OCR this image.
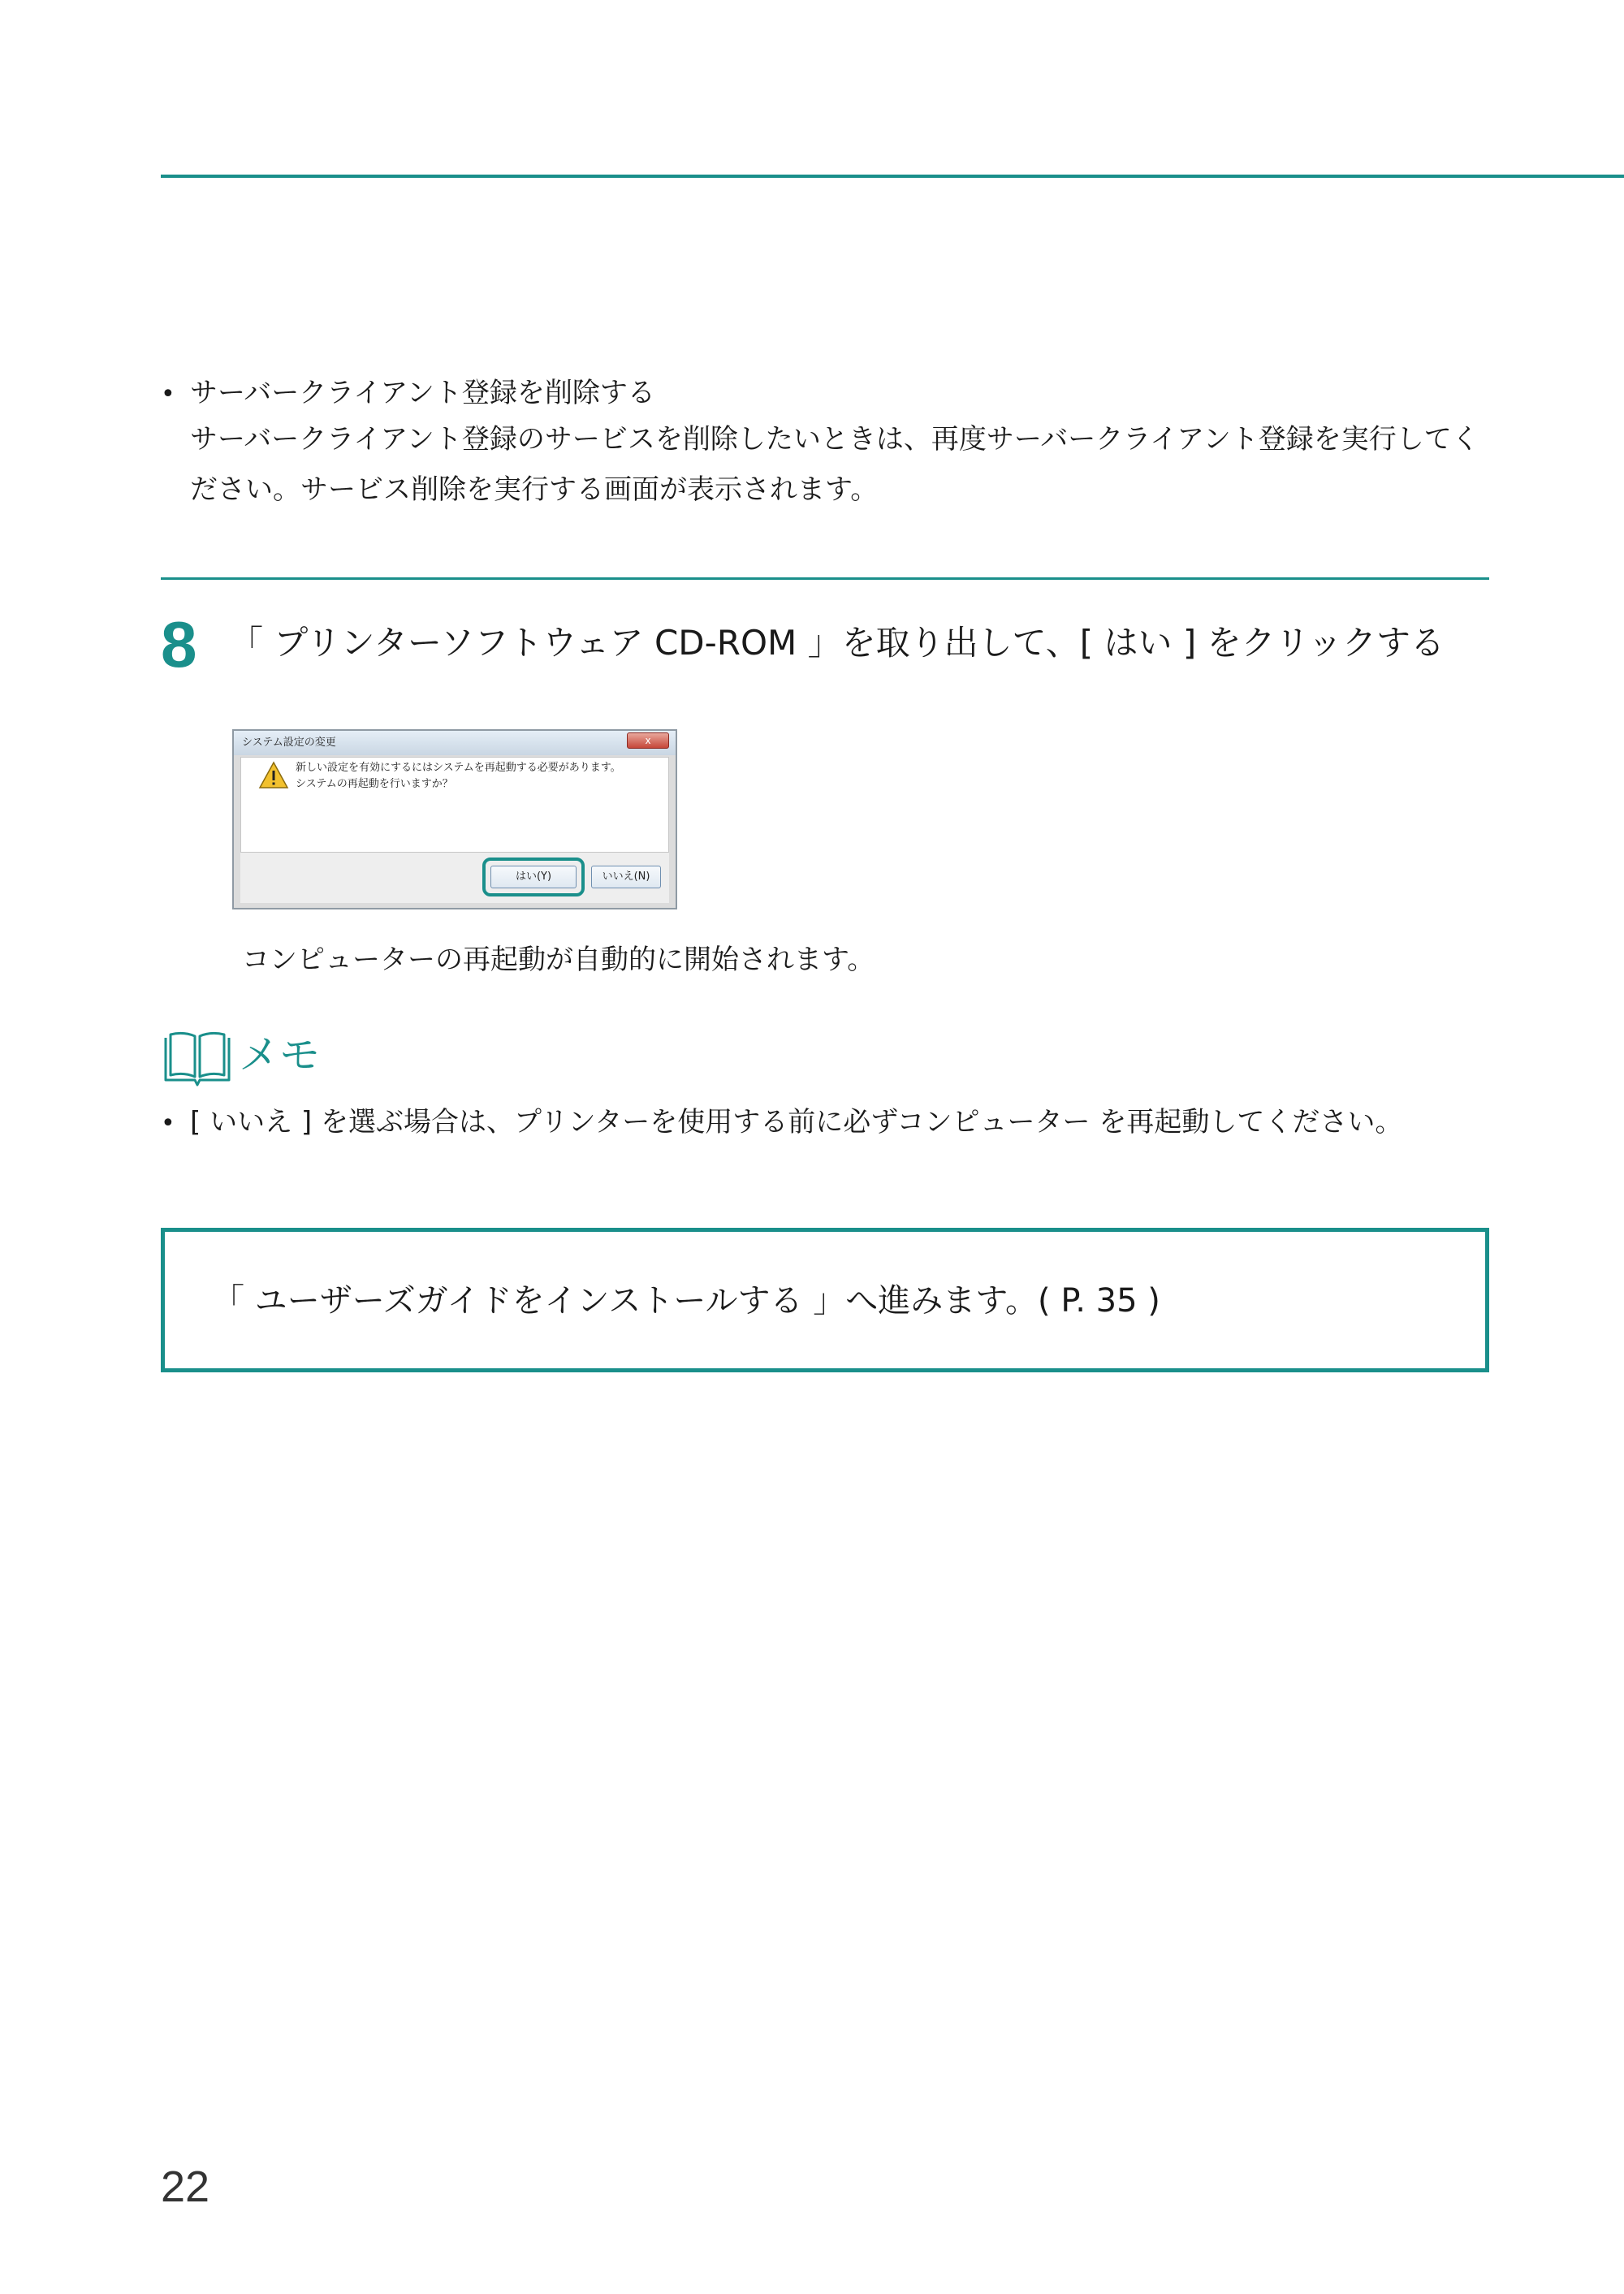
• サーバークライアント登録を削除する
サーバークライアント登録のサービスを削除したいときは、再度サーバークライアント登録を実行してください。サービス削除を実行する画面が表示されます。
8 「 プリンターソフトウェア CD-ROM 」を取り出して、[ はい ] をクリックする
システム設定の変更	x
新しい設定を有効にするにはシステムを再起動する必要があります。
システムの再起動を行いますか？
はい(Y)	いいえ(N)
コンピューターの再起動が自動的に開始されます。
メモ
• [ いいえ ] を選ぶ場合は、プリンターを使用する前に必ずコンピューター を再起動してください。
「 ユーザーズガイドをインストールする 」へ進みます。( P. 35 )
22
